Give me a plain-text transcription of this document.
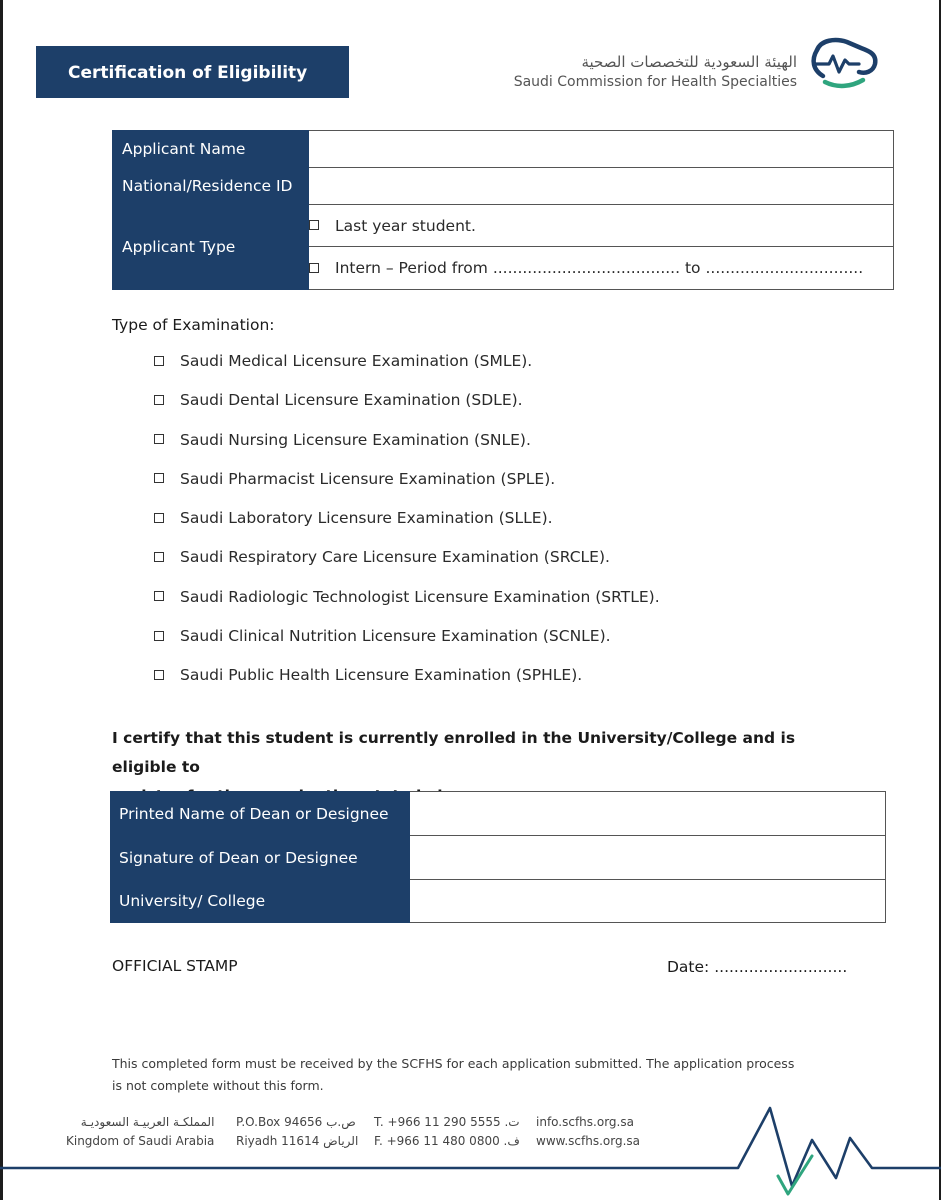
Certification of Eligibility
الهيئة السعودية للتخصصات الصحية
Saudi Commission for Health Specialties
Applicant Name	
National/Residence ID	
Applicant Type	Last year student.
	Intern – Period from ...................................... to ................................
Type of Examination:
Saudi Medical Licensure Examination (SMLE).
Saudi Dental Licensure Examination (SDLE).
Saudi Nursing Licensure Examination (SNLE).
Saudi Pharmacist Licensure Examination (SPLE).
Saudi Laboratory Licensure Examination (SLLE).
Saudi Respiratory Care Licensure Examination (SRCLE).
Saudi Radiologic Technologist Licensure Examination (SRTLE).
Saudi Clinical Nutrition Licensure Examination (SCNLE).
Saudi Public Health Licensure Examination (SPHLE).
I certify that this student is currently enrolled in the University/College and is eligible to
Printed Name of Dean or Designee	
Signature of Dean or Designee	
University/ College	
OFFICIAL STAMP	Date: ...........................
This completed form must be received by the SCFHS for each application submitted. The application process
is not complete without this form.
المملكـة العربيـة السعوديـة
Kingdom of Saudi Arabia
P.O.Box 94656 ص.ب
Riyadh 11614 الرياض
T. +966 11 290 5555 .ت
F. +966 11 480 0800 .ف
info.scfhs.org.sa
www.scfhs.org.sa
